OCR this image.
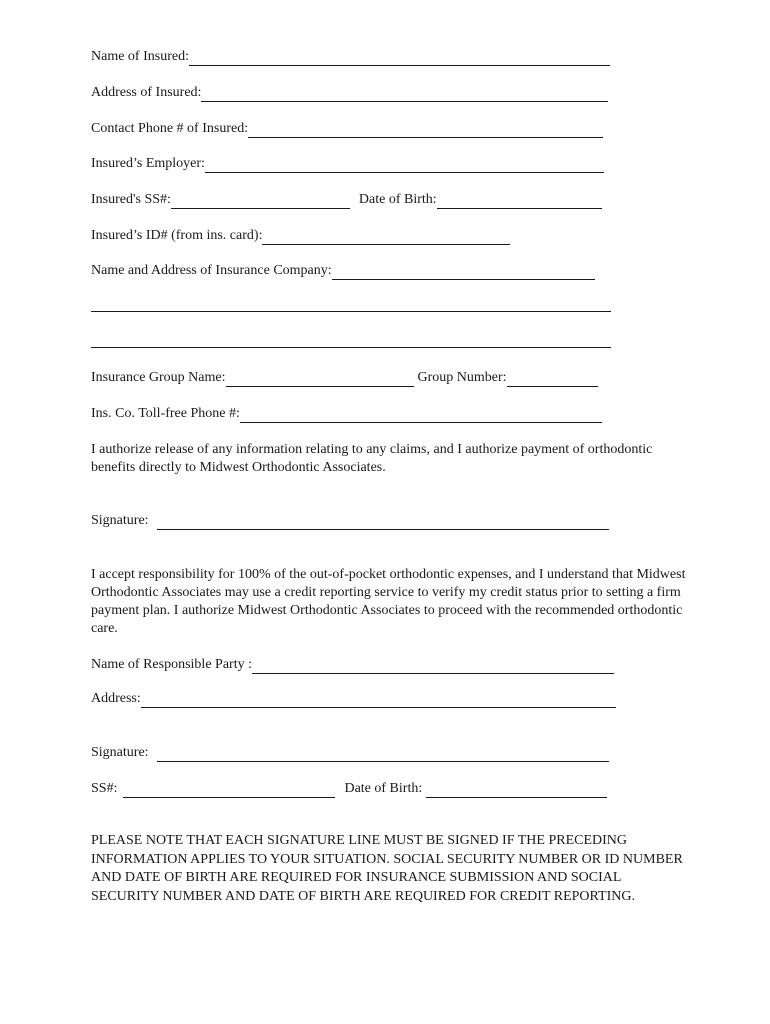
Name of Insured:
Address of Insured:
Contact Phone # of Insured:
Insured’s Employer:
Insured's SS#:	Date of Birth:
Insured’s ID# (from ins. card):
Name and Address of Insurance Company:
Insurance Group Name:	Group Number:
Ins. Co. Toll-free Phone #:

I authorize release of any information relating to any claims, and I authorize payment of orthodontic benefits directly to Midwest Orthodontic Associates.

Signature:

I accept responsibility for 100% of the out-of-pocket orthodontic expenses, and I understand that Midwest Orthodontic Associates may use a credit reporting service to verify my credit status prior to setting a firm payment plan. I authorize Midwest Orthodontic Associates to proceed with the recommended orthodontic care.

Name of Responsible Party :
Address:
Signature:
SS#:	Date of Birth:

PLEASE NOTE THAT EACH SIGNATURE LINE MUST BE SIGNED IF THE PRECEDING INFORMATION APPLIES TO YOUR SITUATION. SOCIAL SECURITY NUMBER OR ID NUMBER AND DATE OF BIRTH ARE REQUIRED FOR INSURANCE SUBMISSION AND SOCIAL SECURITY NUMBER AND DATE OF BIRTH ARE REQUIRED FOR CREDIT REPORTING.
